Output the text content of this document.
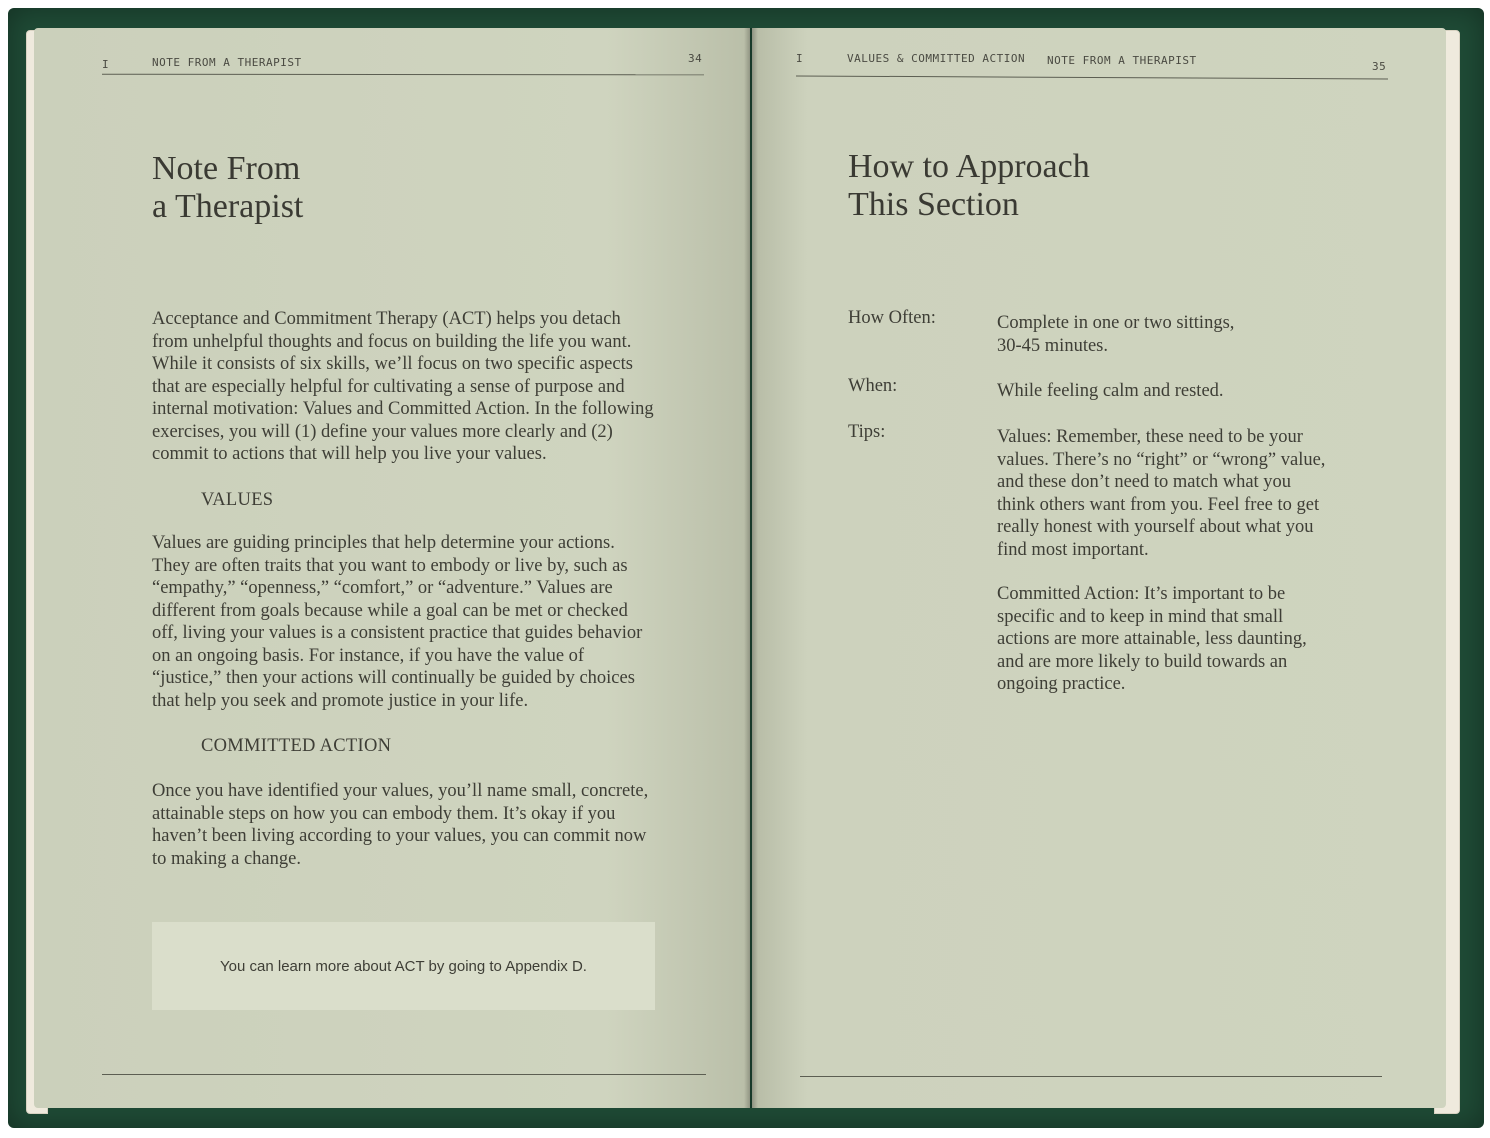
I	NOTE FROM A THERAPIST	34
Note From
a Therapist

Acceptance and Commitment Therapy (ACT) helps you detach from unhelpful thoughts and focus on building the life you want. While it consists of six skills, we’ll focus on two specific aspects that are especially helpful for cultivating a sense of purpose and internal motivation: Values and Committed Action. In the following exercises, you will (1) define your values more clearly and (2) commit to actions that will help you live your values.

VALUES

Values are guiding principles that help determine your actions. They are often traits that you want to embody or live by, such as “empathy,” “openness,” “comfort,” or “adventure.” Values are different from goals because while a goal can be met or checked off, living your values is a consistent practice that guides behavior on an ongoing basis. For instance, if you have the value of “justice,” then your actions will continually be guided by choices that help you seek and promote justice in your life.

COMMITTED ACTION

Once you have identified your values, you’ll name small, concrete, attainable steps on how you can embody them. It’s okay if you haven’t been living according to your values, you can commit now to making a change.

You can learn more about ACT by going to Appendix D.
I	VALUES & COMMITTED ACTION NOTE FROM A THERAPIST	35
How to Approach
This Section
How Often:	Complete in one or two sittings, 30-45 minutes.

When:	While feeling calm and rested.

Tips:	Values: Remember, these need to be your values. There’s no “right” or “wrong” value, and these don’t need to match what you think others want from you. Feel free to get really honest with yourself about what you find most important.

Committed Action: It’s important to be specific and to keep in mind that small actions are more attainable, less daunting, and are more likely to build towards an ongoing practice.
